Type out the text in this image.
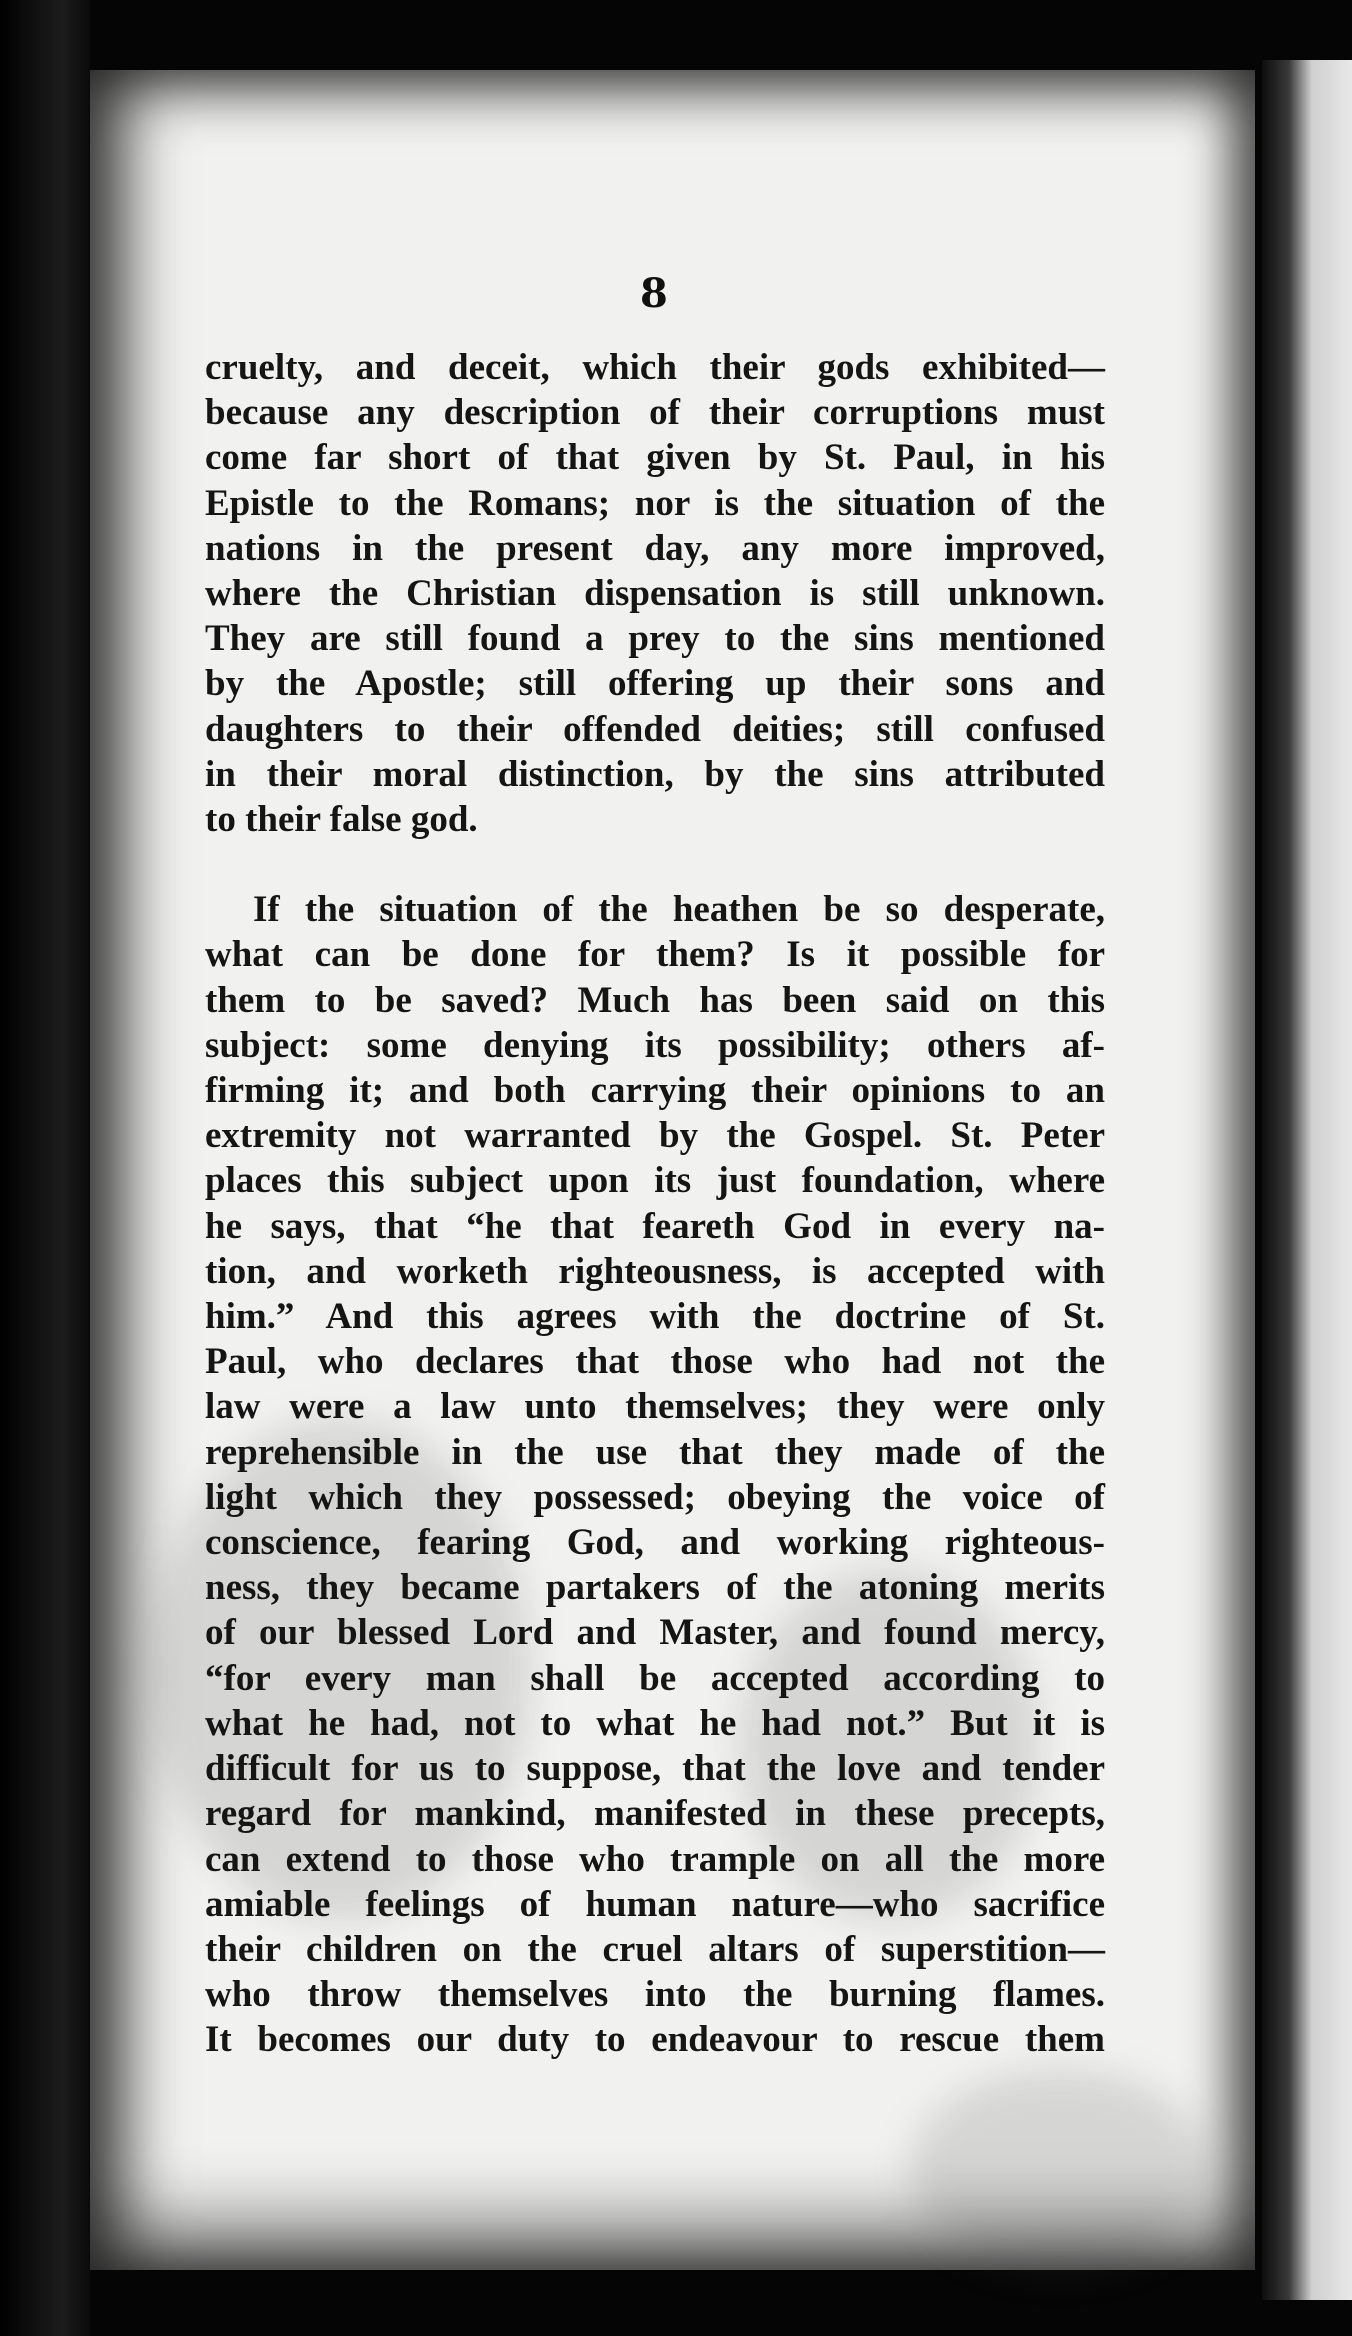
8
cruelty, and deceit, which their gods exhibited—
because any description of their corruptions must
come far short of that given by St. Paul, in his
Epistle to the Romans; nor is the situation of the
nations in the present day, any more improved,
where the Christian dispensation is still unknown.
They are still found a prey to the sins mentioned
by the Apostle; still offering up their sons and
daughters to their offended deities; still confused
in their moral distinction, by the sins attributed
to their false god.
If the situation of the heathen be so desperate,
what can be done for them? Is it possible for
them to be saved? Much has been said on this
subject: some denying its possibility; others af-
firming it; and both carrying their opinions to an
extremity not warranted by the Gospel. St. Peter
places this subject upon its just foundation, where
he says, that “he that feareth God in every na-
tion, and worketh righteousness, is accepted with
him.” And this agrees with the doctrine of St.
Paul, who declares that those who had not the
law were a law unto themselves; they were only
reprehensible in the use that they made of the
light which they possessed; obeying the voice of
conscience, fearing God, and working righteous-
ness, they became partakers of the atoning merits
of our blessed Lord and Master, and found mercy,
“for every man shall be accepted according to
what he had, not to what he had not.” But it is
difficult for us to suppose, that the love and tender
regard for mankind, manifested in these precepts,
can extend to those who trample on all the more
amiable feelings of human nature—who sacrifice
their children on the cruel altars of superstition—
who throw themselves into the burning flames.
It becomes our duty to endeavour to rescue them
